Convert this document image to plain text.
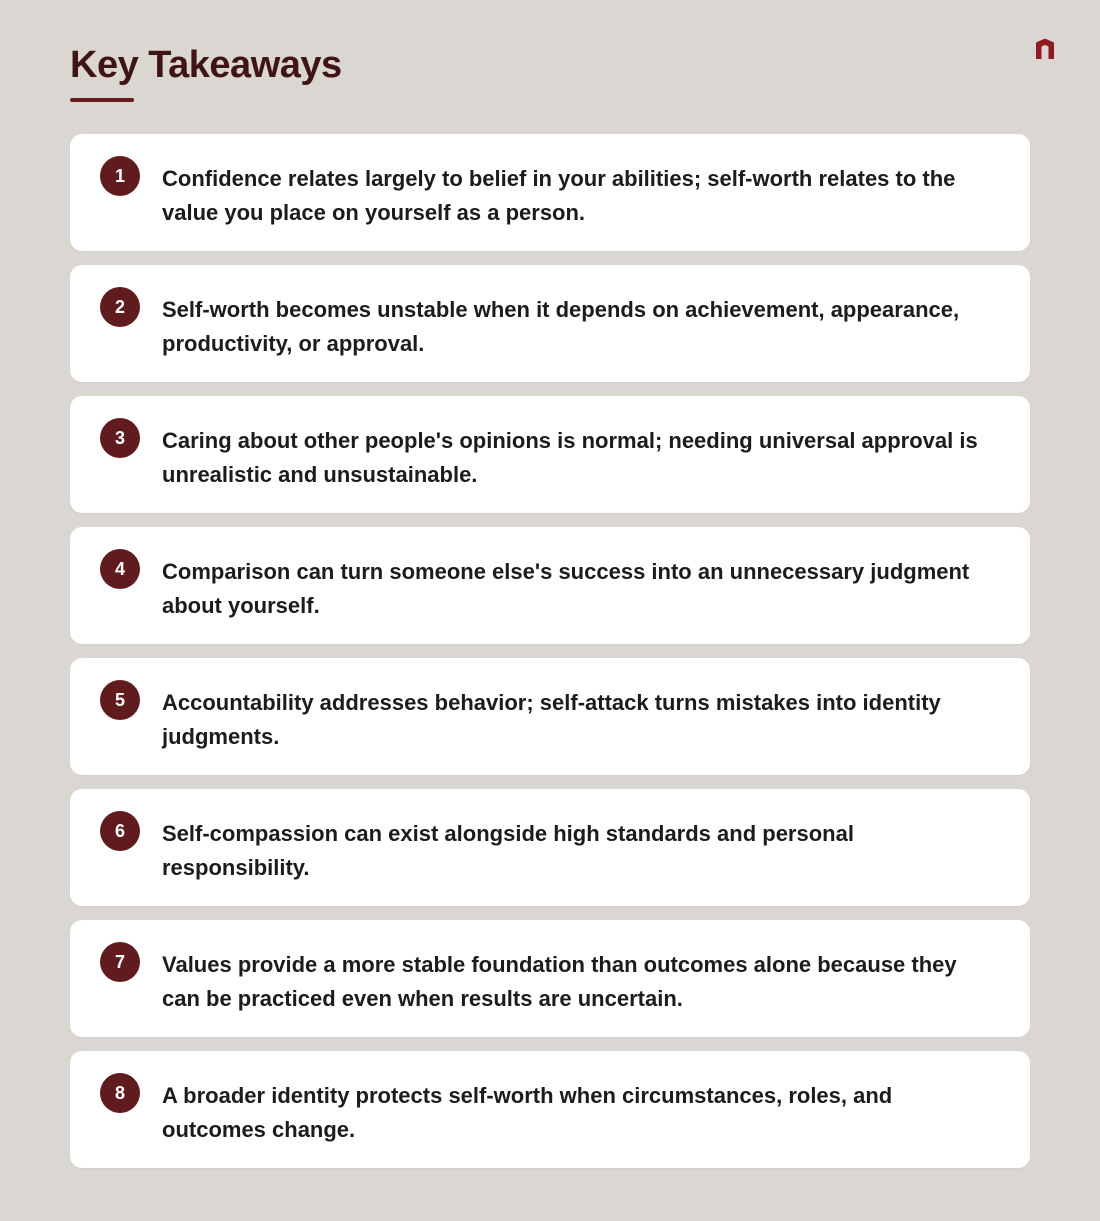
Key Takeaways
1	Confidence relates largely to belief in your abilities; self-worth relates to the value you place on yourself as a person.

2	Self-worth becomes unstable when it depends on achievement, appearance, productivity, or approval.

3	Caring about other people's opinions is normal; needing universal approval is unrealistic and unsustainable.

4	Comparison can turn someone else's success into an unnecessary judgment about yourself.

5	Accountability addresses behavior; self-attack turns mistakes into identity judgments.

6	Self-compassion can exist alongside high standards and personal responsibility.

7	Values provide a more stable foundation than outcomes alone because they can be practiced even when results are uncertain.

8	A broader identity protects self-worth when circumstances, roles, and outcomes change.
